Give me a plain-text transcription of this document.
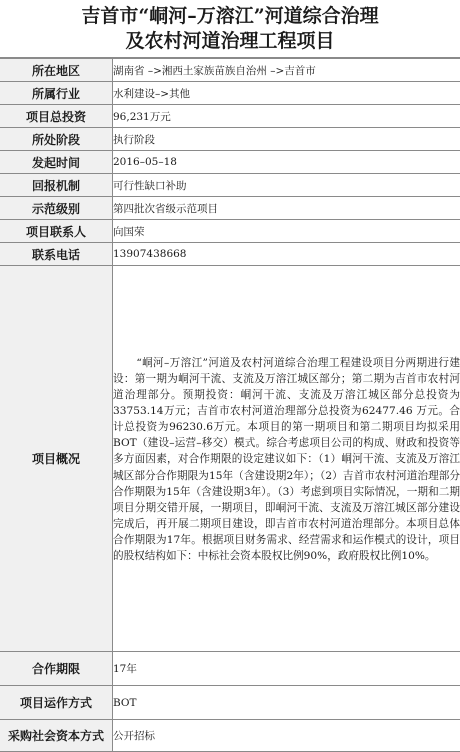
吉首市“峒河–万溶江”河道综合治理
及农村河道治理工程项目
所在地区	湖南省 –>湘西土家族苗族自治州 –>吉首市
所属行业	水利建设–>其他
项目总投资	96,231万元
所处阶段	执行阶段
发起时间	2016–05–18
回报机制	可行性缺口补助
示范级别	第四批次省级示范项目
项目联系人	向国荣
联系电话	13907438668
项目概况	“峒河–万溶江”河道及农村河道综合治理工程建设项目分两期进行建设：第一期为峒河干流、支流及万溶江城区部分；第二期为吉首市农村河道治理部分。预期投资：峒河干流、支流及万溶江城区部分总投资为33753.14万元；吉首市农村河道治理部分总投资为62477.46 万元。合计总投资为96230.6万元。本项目的第一期项目和第二期项目均拟采用BOT（建设–运营–移交）模式。综合考虑项目公司的构成、财政和投资等多方面因素，对合作期限的设定建议如下：（1）峒河干流、支流及万溶江城区部分合作期限为15年（含建设期2年）；（2）吉首市农村河道治理部分合作期限为15年（含建设期3年）。（3）考虑到项目实际情况，一期和二期项目分期交错开展，一期项目，即峒河干流、支流及万溶江城区部分建设完成后，再开展二期项目建设，即吉首市农村河道治理部分。本项目总体合作期限为17年。根据项目财务需求、经营需求和运作模式的设计，项目的股权结构如下：中标社会资本股权比例90%，政府股权比例10%。

合作期限	17年
项目运作方式	BOT
采购社会资本方式	公开招标
